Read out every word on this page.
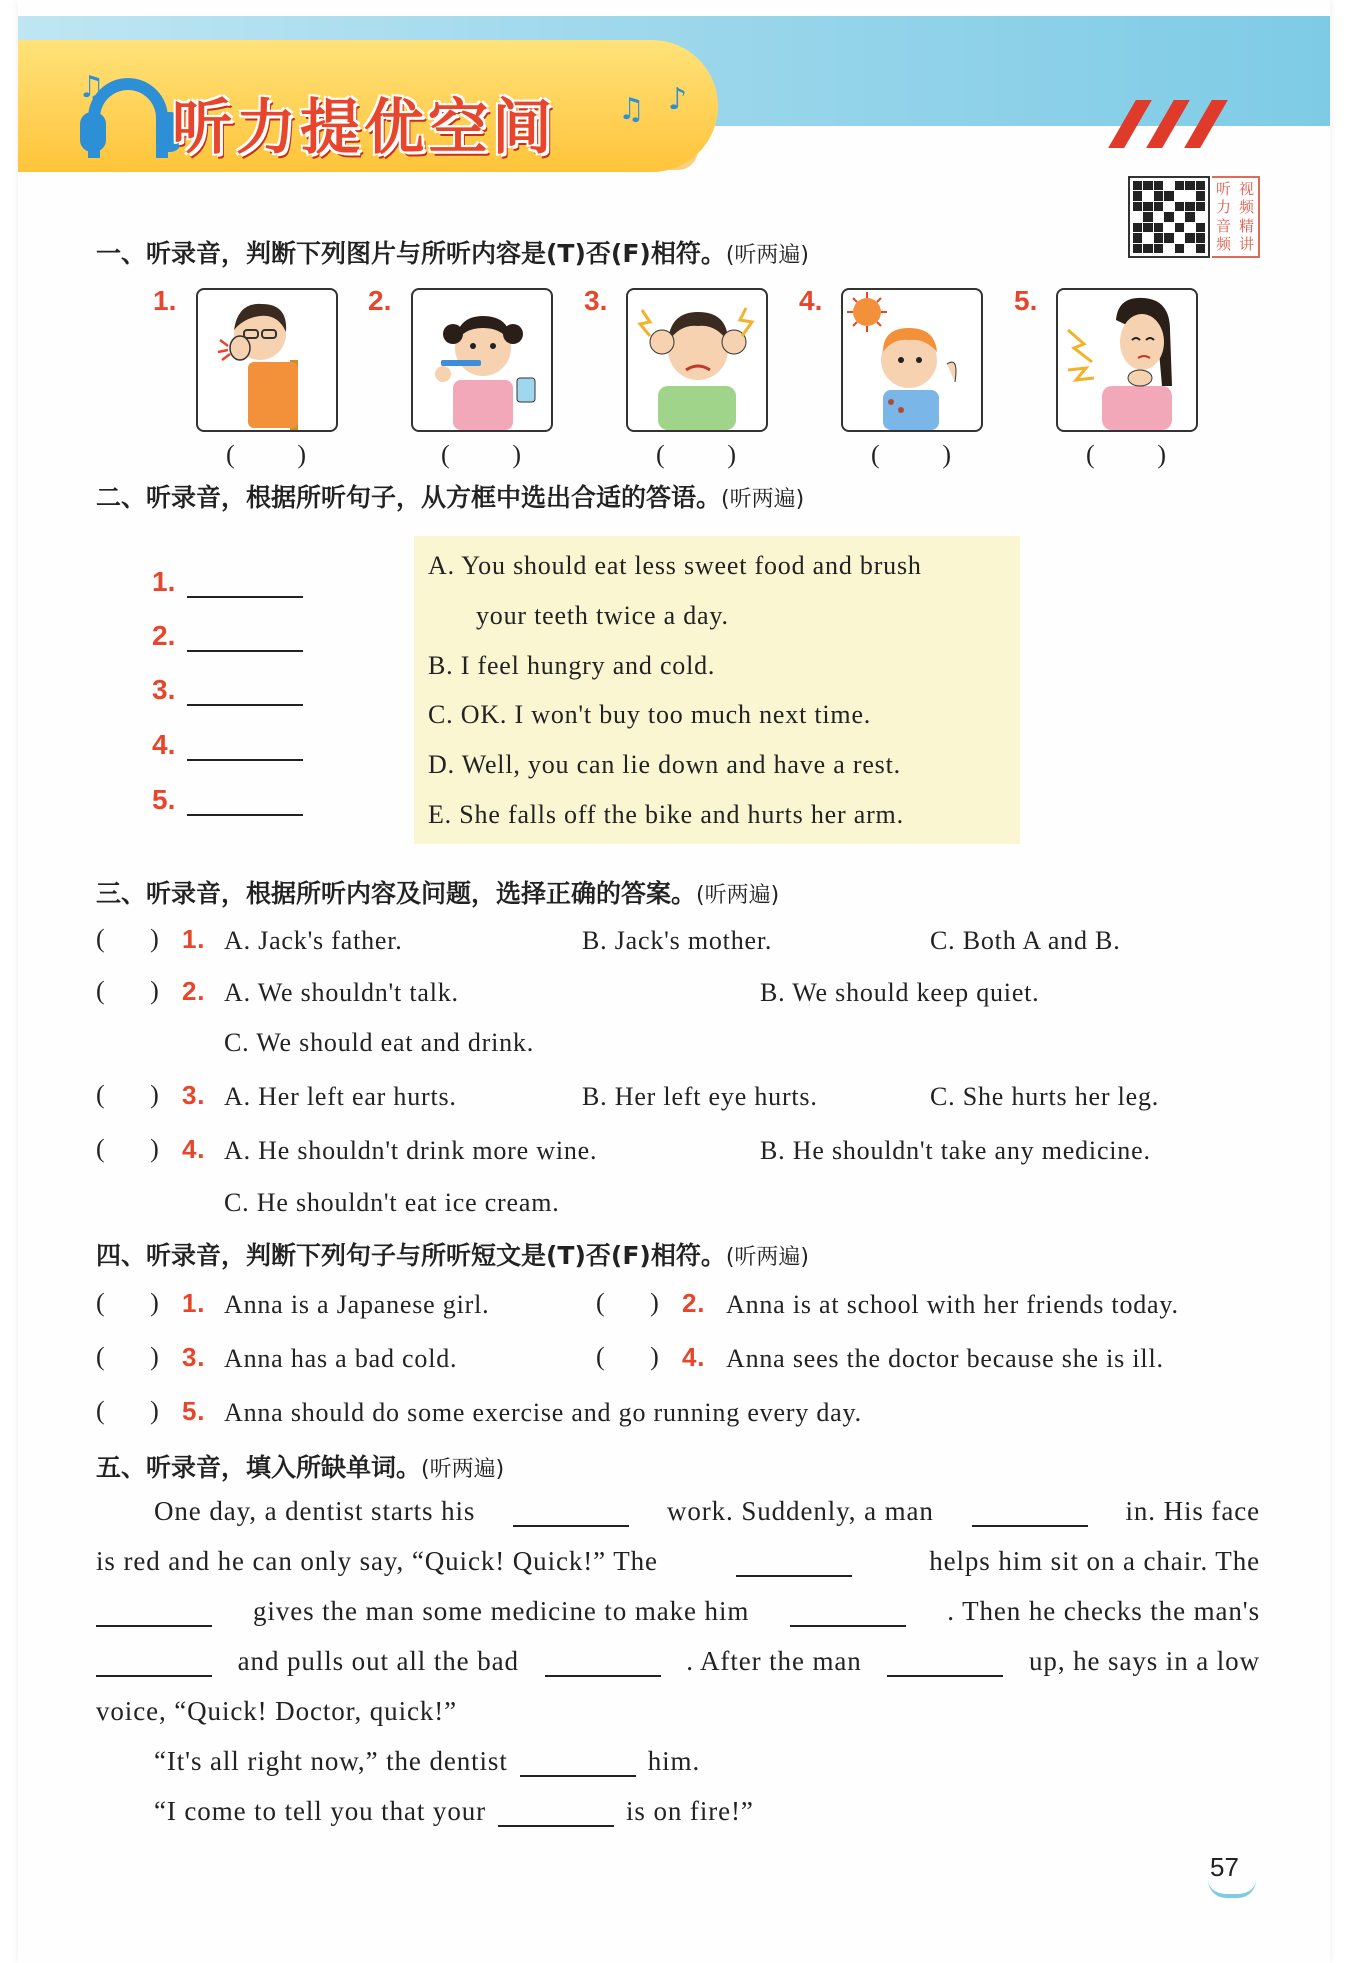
♫
♫ ♪
听力提优空间
听 视
力 频
音 精
频 讲
一、听录音，判断下列图片与所听内容是(T)否(F)相符。(听两遍)
1.	2.	3.	4.	5.
( )	( )	( )	( )	( )
二、听录音，根据所听句子，从方框中选出合适的答语。(听两遍)
1.
2.
3.
4.
5.
A. You should eat less sweet food and brush
your teeth twice a day.
B. I feel hungry and cold.
C. OK. I won't buy too much next time.
D. Well, you can lie down and have a rest.
E. She falls off the bike and hurts her arm.
三、听录音，根据所听内容及问题，选择正确的答案。(听两遍)
(       ) 1. A. Jack's father.	B. Jack's mother.	C. Both A and B.
(       ) 2. A. We shouldn't talk.	B. We should keep quiet.
C. We should eat and drink.
(       ) 3. A. Her left ear hurts.	B. Her left eye hurts.	C. She hurts her leg.
(       ) 4. A. He shouldn't drink more wine.	B. He shouldn't take any medicine.
C. He shouldn't eat ice cream.
四、听录音，判断下列句子与所听短文是(T)否(F)相符。(听两遍)
(       ) 1. Anna is a Japanese girl.	(       ) 2. Anna is at school with her friends today.
(       ) 3. Anna has a bad cold.	(       ) 4. Anna sees the doctor because she is ill.
(       ) 5. Anna should do some exercise and go running every day.
五、听录音，填入所缺单词。(听两遍)
One day, a dentist starts his	work. Suddenly, a man	in. His face
is red and he can only say, “Quick! Quick!” The	helps him sit on a chair. The
gives the man some medicine to make him	. Then he checks the man's
and pulls out all the bad	. After the man	up, he says in a low
voice, “Quick! Doctor, quick!”
“It's all right now,” the dentist	him.
“I come to tell you that your	is on fire!”
57
